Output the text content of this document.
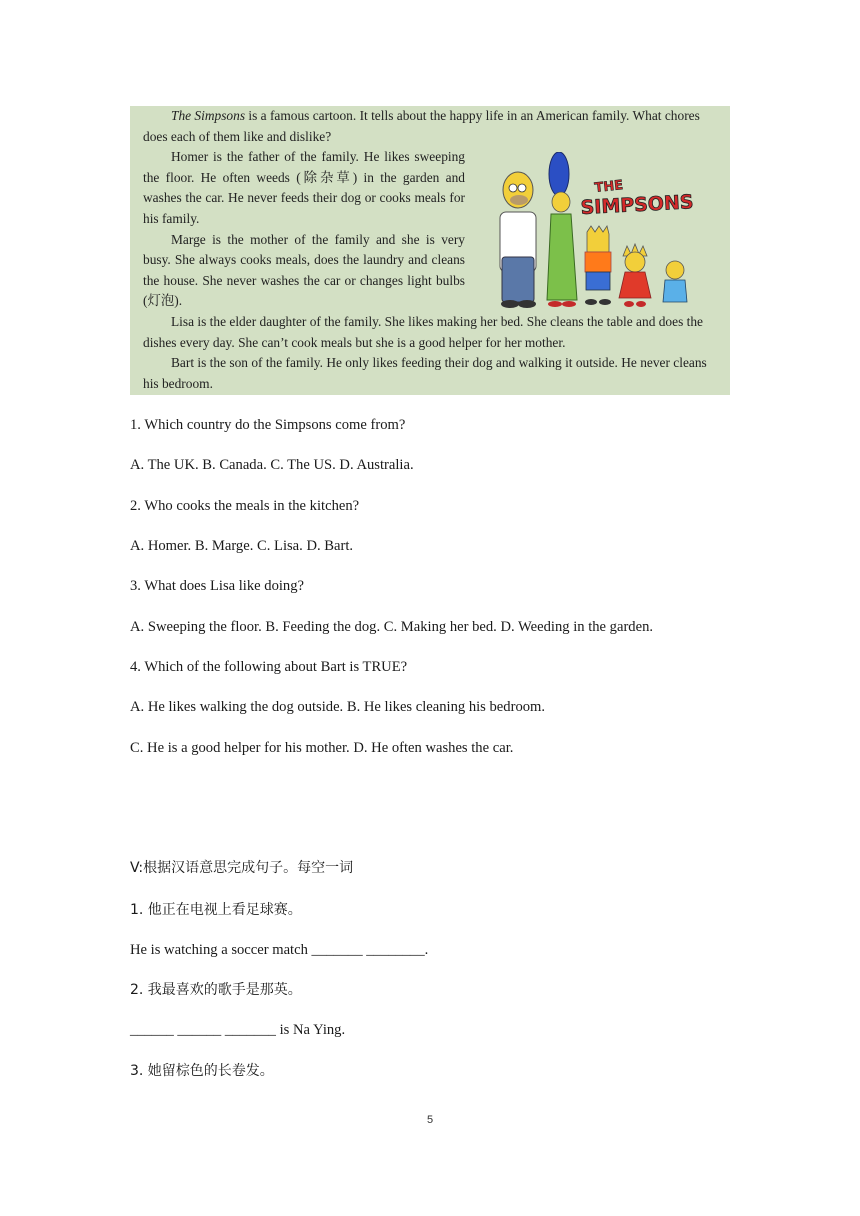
The Simpsons is a famous cartoon. It tells about the happy life in an American family. What chores does each of them like and dislike?

Homer is the father of the family. He likes sweeping the floor. He often weeds (除杂草) in the garden and washes the car. He never feeds their dog or cooks meals for his family.

Marge is the mother of the family and she is very busy. She always cooks meals, does the laundry and cleans the house. She never washes the car or changes light bulbs (灯泡).

Lisa is the elder daughter of the family. She likes making her bed. She cleans the table and does the dishes every day. She can’t cook meals but she is a good helper for her mother.

Bart is the son of the family. He only likes feeding their dog and walking it outside. He never cleans his bedroom.

THE
SIMPSONS
1. Which country do the Simpsons come from?
A. The UK. B. Canada. C. The US. D. Australia.
2. Who cooks the meals in the kitchen?
A. Homer. B. Marge. C. Lisa. D. Bart.
3. What does Lisa like doing?
A. Sweeping the floor. B. Feeding the dog. C. Making her bed. D. Weeding in the garden.
4. Which of the following about Bart is TRUE?
A. He likes walking the dog outside. B. He likes cleaning his bedroom.
C. He is a good helper for his mother. D. He often washes the car.
V:根据汉语意思完成句子。每空一词
1. 他正在电视上看足球赛。
He is watching a soccer match _______ ________.
2. 我最喜欢的歌手是那英。
______ ______ _______ is Na Ying.
3. 她留棕色的长卷发。
5
